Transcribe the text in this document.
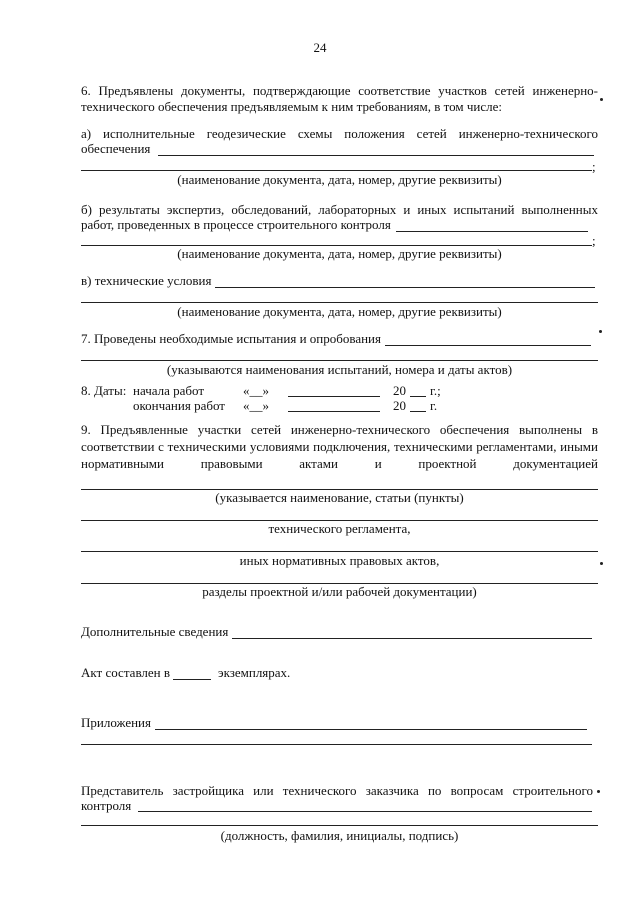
24
6. Предъявлены документы, подтверждающие соответствие участков сетей инженерно-
технического обеспечения предъявляемым к ним требованиям, в том числе:
а) исполнительные геодезические схемы положения сетей инженерно-технического
обеспечения
;
(наименование документа, дата, номер, другие реквизиты)
б) результаты экспертиз, обследований, лабораторных и иных испытаний выполненных
работ, проведенных в процессе строительного контроля
;
(наименование документа, дата, номер, другие реквизиты)
в) технические условия
(наименование документа, дата, номер, другие реквизиты)
7. Проведены необходимые испытания и опробования
(указываются наименования испытаний, номера и даты актов)
8. Даты: начала работ	«__»	20 г.;
окончания работ «__»	20 г.
9. Предъявленные участки сетей инженерно-технического обеспечения выполнены в
соответствии с техническими условиями подключения, техническими регламентами, иными
нормативными правовыми актами и проектной документацией
(указывается наименование, статьи (пункты)
технического регламента,
иных нормативных правовых актов,
разделы проектной и/или рабочей документации)
Дополнительные сведения
Акт составлен в	экземплярах.
Приложения
Представитель застройщика или технического заказчика по вопросам строительного
контроля
(должность, фамилия, инициалы, подпись)
